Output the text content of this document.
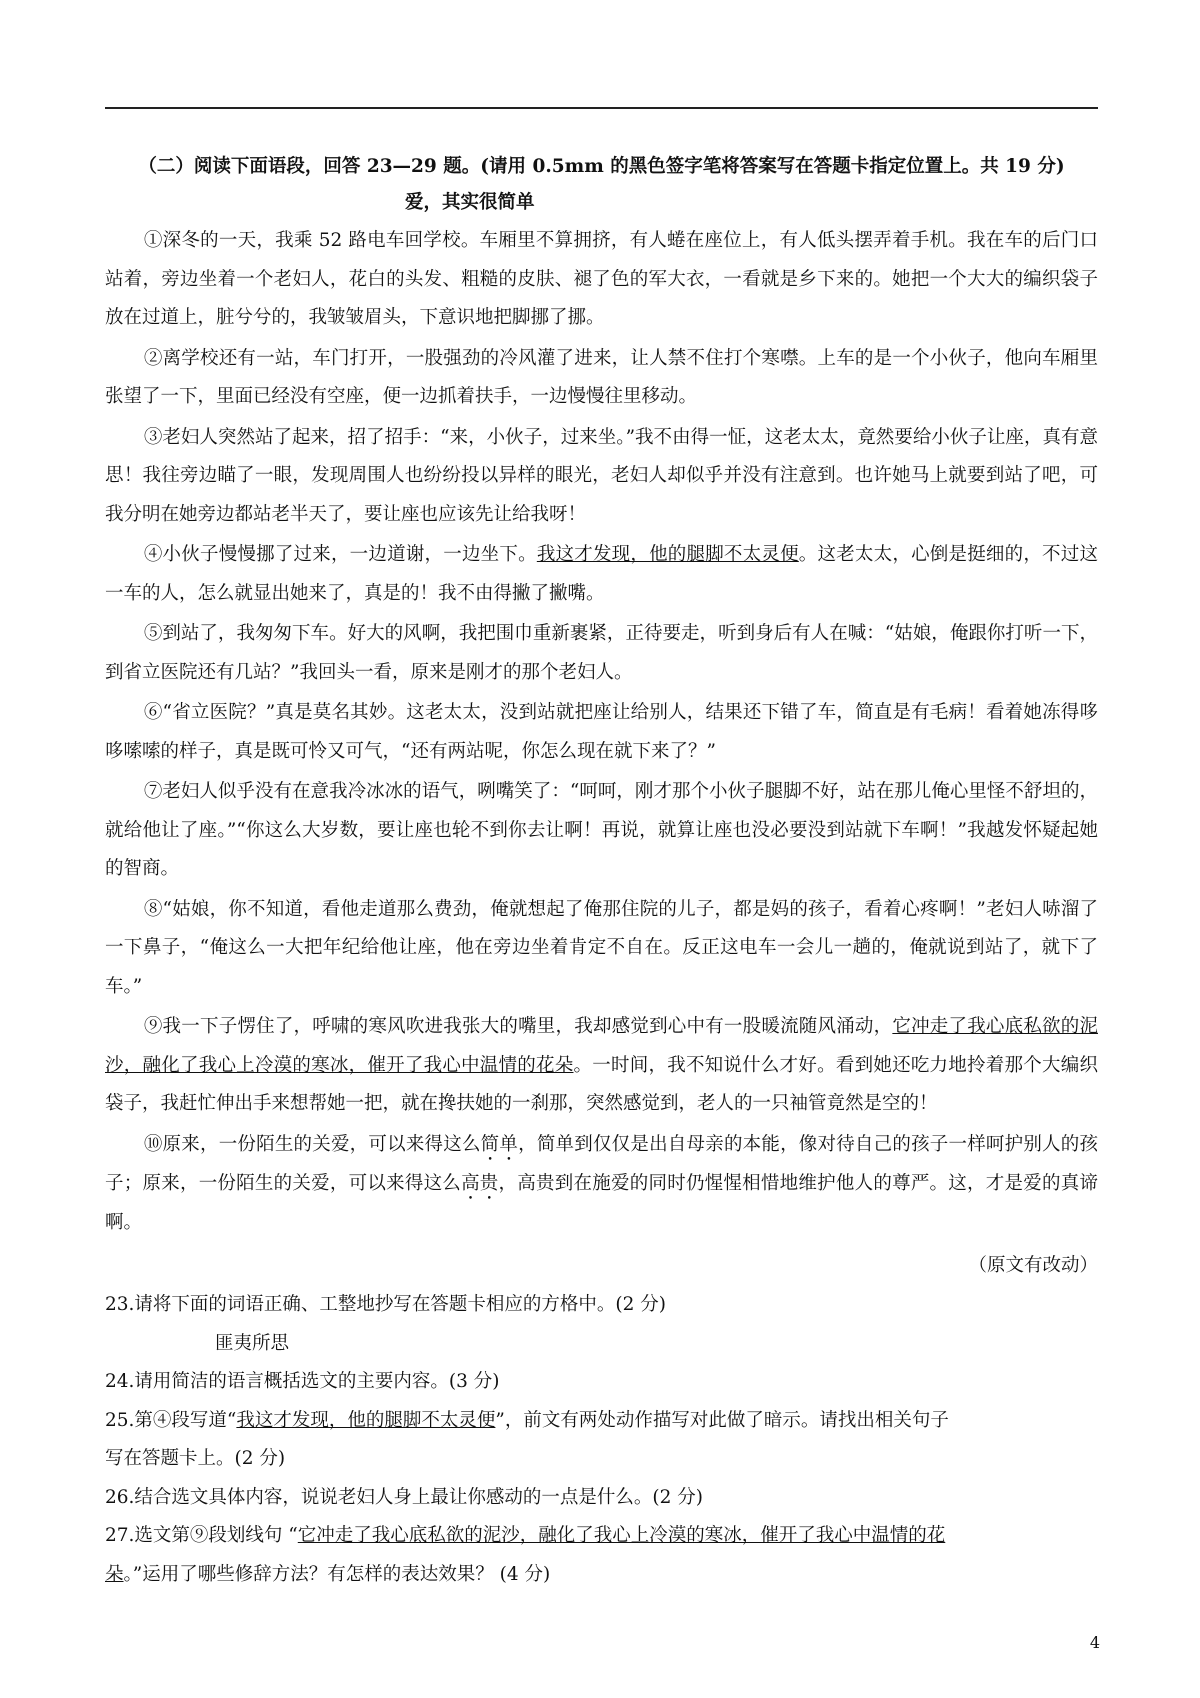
（二）阅读下面语段，回答 23—29 题。(请用 0.5mm 的黑色签字笔将答案写在答题卡指定位置上。共 19 分)

爱，其实很简单

①深冬的一天，我乘 52 路电车回学校。车厢里不算拥挤，有人蜷在座位上，有人低头摆弄着手机。我在车的后门口站着，旁边坐着一个老妇人，花白的头发、粗糙的皮肤、褪了色的军大衣，一看就是乡下来的。她把一个大大的编织袋子放在过道上，脏兮兮的，我皱皱眉头，下意识地把脚挪了挪。

②离学校还有一站，车门打开，一股强劲的冷风灌了进来，让人禁不住打个寒噤。上车的是一个小伙子，他向车厢里张望了一下，里面已经没有空座，便一边抓着扶手，一边慢慢往里移动。

③老妇人突然站了起来，招了招手：“来，小伙子，过来坐。”我不由得一怔，这老太太，竟然要给小伙子让座，真有意思！我往旁边瞄了一眼，发现周围人也纷纷投以异样的眼光，老妇人却似乎并没有注意到。也许她马上就要到站了吧，可我分明在她旁边都站老半天了，要让座也应该先让给我呀！

④小伙子慢慢挪了过来，一边道谢，一边坐下。我这才发现，他的腿脚不太灵便。这老太太，心倒是挺细的，不过这一车的人，怎么就显出她来了，真是的！我不由得撇了撇嘴。

⑤到站了，我匆匆下车。好大的风啊，我把围巾重新裹紧，正待要走，听到身后有人在喊：“姑娘，俺跟你打听一下，到省立医院还有几站？”我回头一看，原来是刚才的那个老妇人。

⑥“省立医院？”真是莫名其妙。这老太太，没到站就把座让给别人，结果还下错了车，简直是有毛病！看着她冻得哆哆嗦嗦的样子，真是既可怜又可气，“还有两站呢，你怎么现在就下来了？”

⑦老妇人似乎没有在意我冷冰冰的语气，咧嘴笑了：“呵呵，刚才那个小伙子腿脚不好，站在那儿俺心里怪不舒坦的，就给他让了座。”“你这么大岁数，要让座也轮不到你去让啊！再说，就算让座也没必要没到站就下车啊！”我越发怀疑起她的智商。

⑧“姑娘，你不知道，看他走道那么费劲，俺就想起了俺那住院的儿子，都是妈的孩子，看着心疼啊！”老妇人哧溜了一下鼻子，“俺这么一大把年纪给他让座，他在旁边坐着肯定不自在。反正这电车一会儿一趟的，俺就说到站了，就下了车。”

⑨我一下子愣住了，呼啸的寒风吹进我张大的嘴里，我却感觉到心中有一股暖流随风涌动，它冲走了我心底私欲的泥沙，融化了我心上冷漠的寒冰，催开了我心中温情的花朵。一时间，我不知说什么才好。看到她还吃力地拎着那个大编织袋子，我赶忙伸出手来想帮她一把，就在搀扶她的一刹那，突然感觉到，老人的一只袖管竟然是空的！

⑩原来，一份陌生的关爱，可以来得这么简单，简单到仅仅是出自母亲的本能，像对待自己的孩子一样呵护别人的孩子；原来，一份陌生的关爱，可以来得这么高贵，高贵到在施爱的同时仍惺惺相惜地维护他人的尊严。这，才是爱的真谛啊。

（原文有改动）

23.请将下面的词语正确、工整地抄写在答题卡相应的方格中。(2 分)

匪夷所思

24.请用简洁的语言概括选文的主要内容。(3 分)

25.第④段写道“我这才发现，他的腿脚不太灵便”，前文有两处动作描写对此做了暗示。请找出相关句子
写在答题卡上。(2 分)

26.结合选文具体内容，说说老妇人身上最让你感动的一点是什么。(2 分)

27.选文第⑨段划线句 “它冲走了我心底私欲的泥沙，融化了我心上冷漠的寒冰，催开了我心中温情的花
朵。”运用了哪些修辞方法？有怎样的表达效果？ (4 分)

4
